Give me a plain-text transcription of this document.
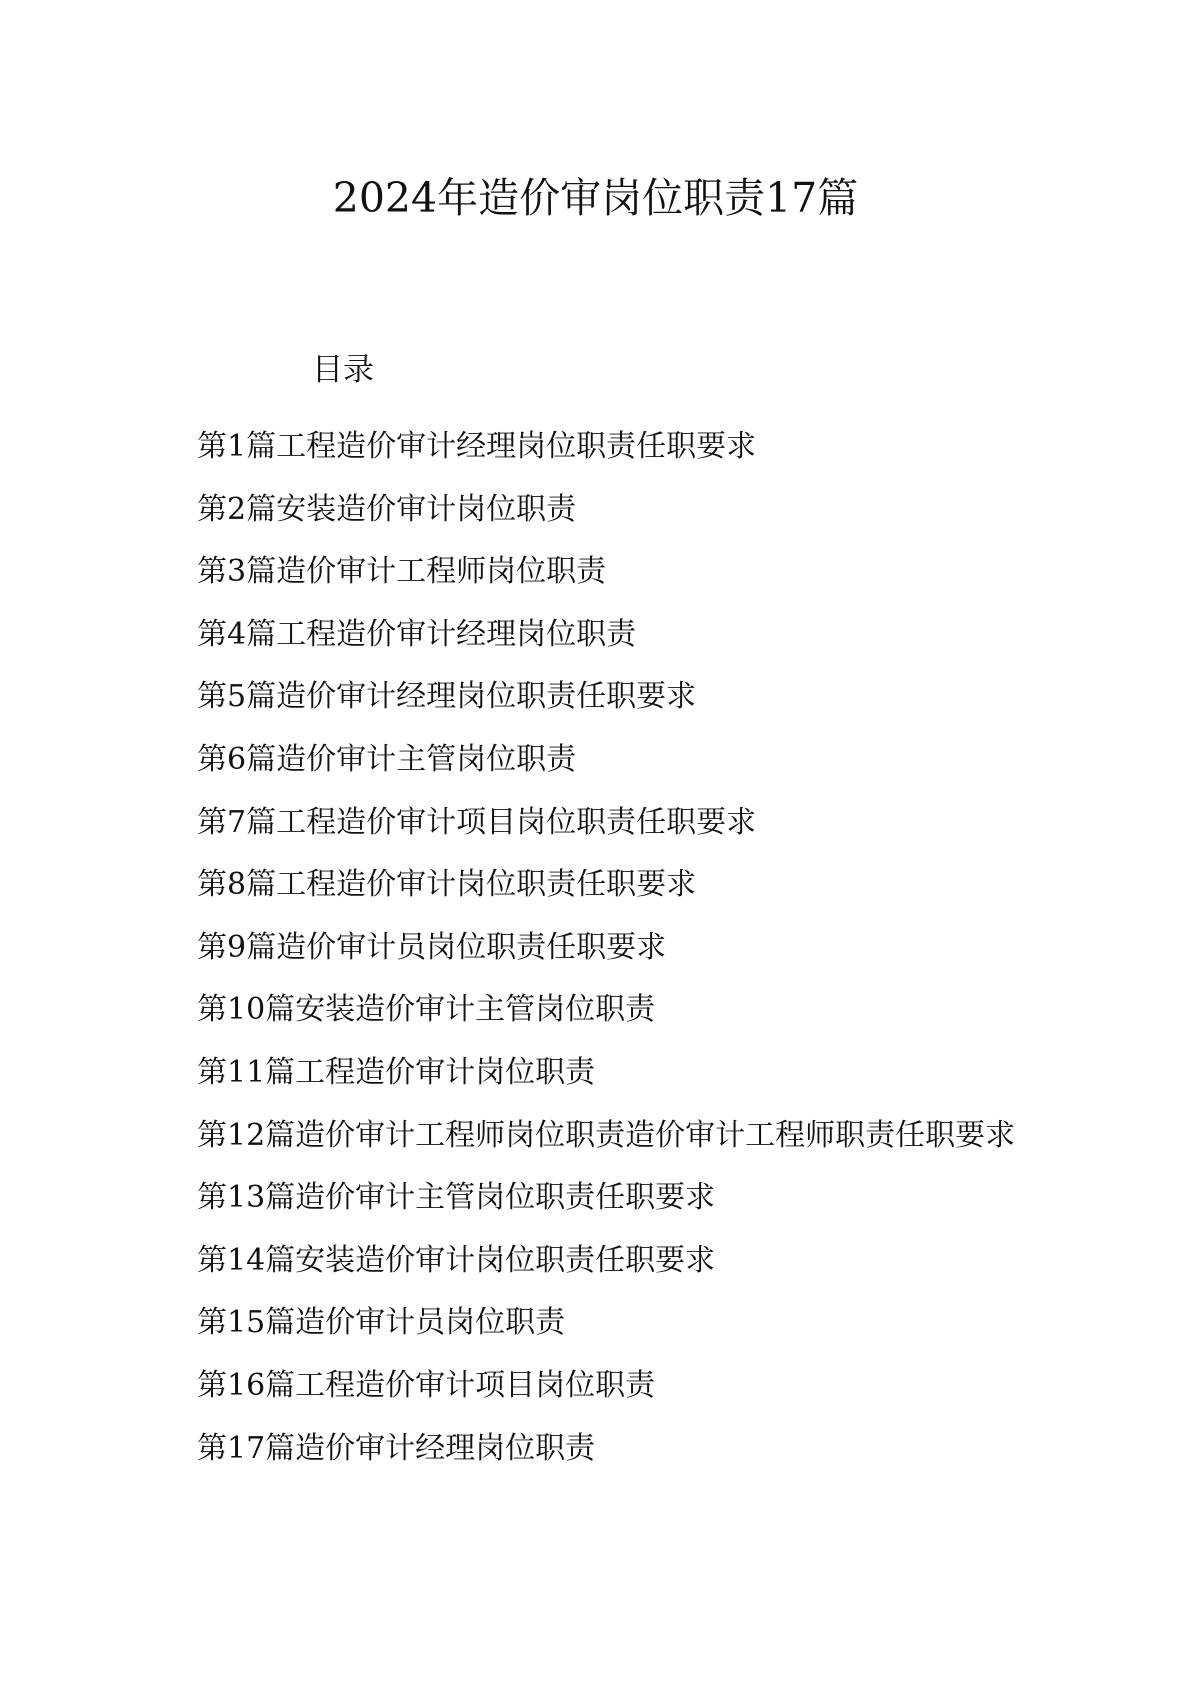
2024年造价审岗位职责17篇
目录
第1篇工程造价审计经理岗位职责任职要求
第2篇安装造价审计岗位职责
第3篇造价审计工程师岗位职责
第4篇工程造价审计经理岗位职责
第5篇造价审计经理岗位职责任职要求
第6篇造价审计主管岗位职责
第7篇工程造价审计项目岗位职责任职要求
第8篇工程造价审计岗位职责任职要求
第9篇造价审计员岗位职责任职要求
第10篇安装造价审计主管岗位职责
第11篇工程造价审计岗位职责
第12篇造价审计工程师岗位职责造价审计工程师职责任职要求
第13篇造价审计主管岗位职责任职要求
第14篇安装造价审计岗位职责任职要求
第15篇造价审计员岗位职责
第16篇工程造价审计项目岗位职责
第17篇造价审计经理岗位职责
